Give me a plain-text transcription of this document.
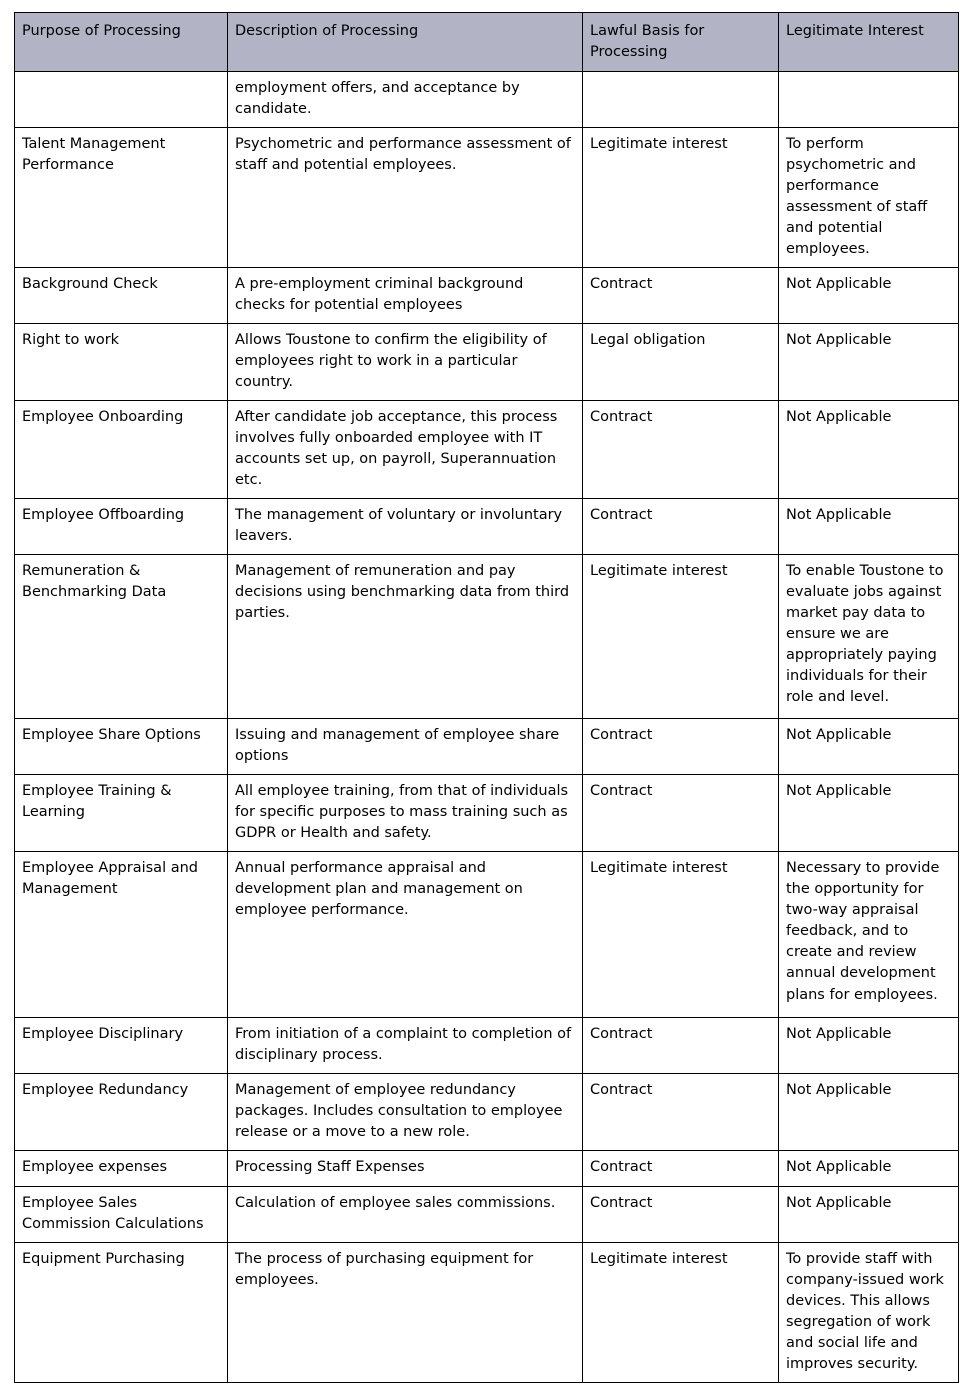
Purpose of Processing	Description of Processing	Lawful Basis for Processing	Legitimate Interest
	employment offers, and acceptance by candidate.		
Talent Management Performance	Psychometric and performance assessment of staff and potential employees.	Legitimate interest	To perform psychometric and performance assessment of staff and potential employees.
Background Check	A pre-employment criminal background checks for potential employees	Contract	Not Applicable
Right to work	Allows Toustone to confirm the eligibility of employees right to work in a particular country.	Legal obligation	Not Applicable
Employee Onboarding	After candidate job acceptance, this process involves fully onboarded employee with IT accounts set up, on payroll, Superannuation etc.	Contract	Not Applicable
Employee Offboarding	The management of voluntary or involuntary leavers.	Contract	Not Applicable
Remuneration & Benchmarking Data	Management of remuneration and pay decisions using benchmarking data from third parties.	Legitimate interest	To enable Toustone to evaluate jobs against market pay data to ensure we are appropriately paying individuals for their role and level.
Employee Share Options	Issuing and management of employee share options	Contract	Not Applicable
Employee Training & Learning	All employee training, from that of individuals for specific purposes to mass training such as GDPR or Health and safety.	Contract	Not Applicable
Employee Appraisal and Management	Annual performance appraisal and development plan and management on employee performance.	Legitimate interest	Necessary to provide the opportunity for two-way appraisal feedback, and to create and review annual development plans for employees.
Employee Disciplinary	From initiation of a complaint to completion of disciplinary process.	Contract	Not Applicable
Employee Redundancy	Management of employee redundancy packages. Includes consultation to employee release or a move to a new role.	Contract	Not Applicable
Employee expenses	Processing Staff Expenses	Contract	Not Applicable
Employee Sales Commission Calculations	Calculation of employee sales commissions.	Contract	Not Applicable
Equipment Purchasing	The process of purchasing equipment for employees.	Legitimate interest	To provide staff with company-issued work devices. This allows segregation of work and social life and improves security.
